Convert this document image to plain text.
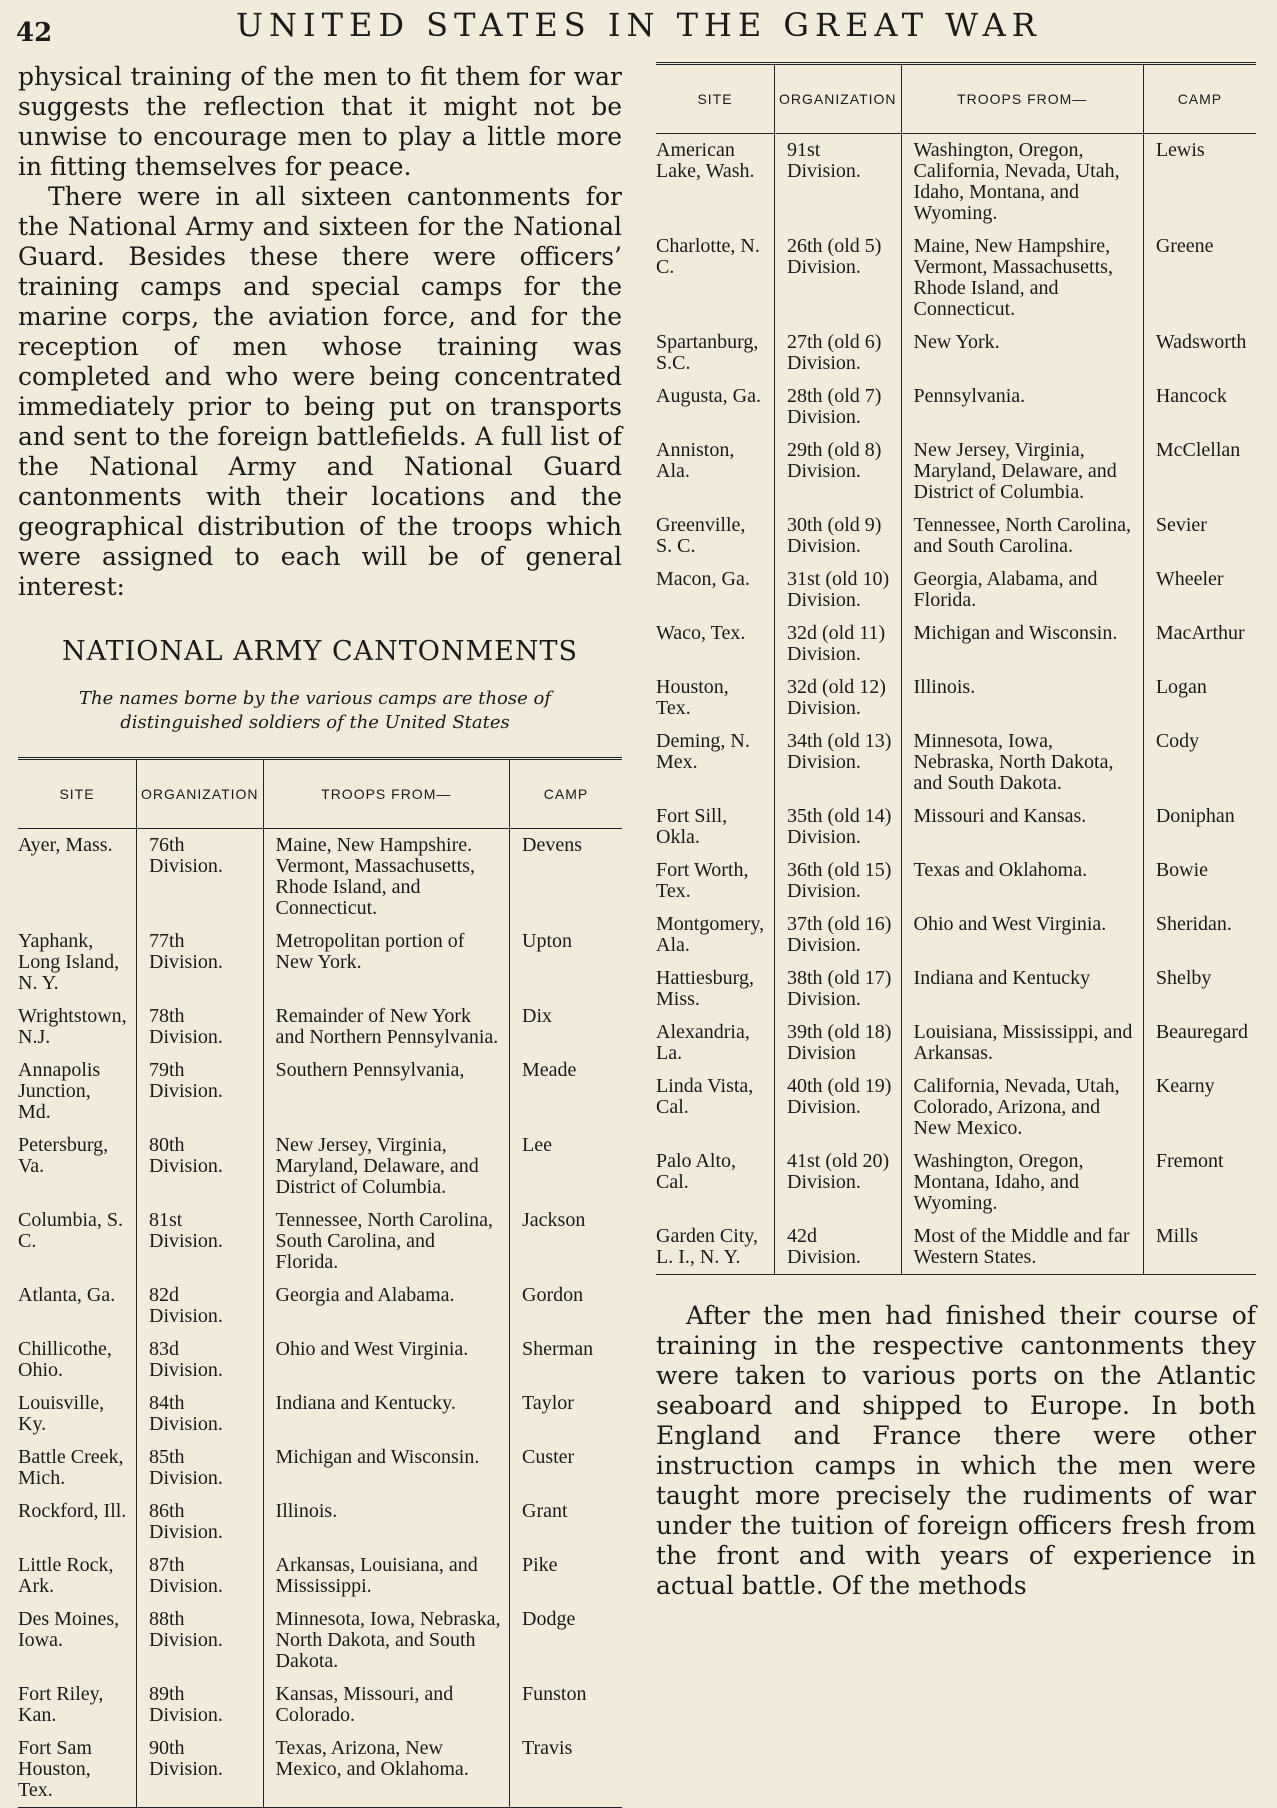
42	UNITED STATES IN THE GREAT WAR

physical training of the men to fit them for war suggests the reflection that it might not be unwise to encourage men to play a little more in fitting themselves for peace.

There were in all sixteen cantonments for the National Army and sixteen for the National Guard. Besides these there were officers’ training camps and special camps for the marine corps, the aviation force, and for the reception of men whose training was completed and who were being concentrated immediately prior to being put on transports and sent to the foreign battlefields. A full list of the National Army and National Guard cantonments with their locations and the geographical distribution of the troops which were assigned to each will be of general interest:

NATIONAL ARMY CANTONMENTS
The names borne by the various camps are those of distinguished soldiers of the United States
SITE	ORGANIZATION	TROOPS FROM—	CAMP
Ayer, Mass.	76th Division.	Maine, New Hampshire. Vermont, Massachusetts, Rhode Island, and Connecticut.	Devens
Yaphank, Long Island, N. Y.	77th Division.	Metropolitan portion of New York.	Upton
Wrightstown, N.J.	78th Division.	Remainder of New York and Northern Pennsylvania.	Dix
Annapolis Junction, Md.	79th Division.	Southern Pennsylvania,	Meade
Petersburg, Va.	80th Division.	New Jersey, Virginia, Maryland, Delaware, and District of Columbia.	Lee
Columbia, S. C.	81st Division.	Tennessee, North Carolina, South Carolina, and Florida.	Jackson
Atlanta, Ga.	82d Division.	Georgia and Alabama.	Gordon
Chillicothe, Ohio.	83d Division.	Ohio and West Virginia.	Sherman
Louisville, Ky.	84th Division.	Indiana and Kentucky.	Taylor
Battle Creek, Mich.	85th Division.	Michigan and Wisconsin.	Custer
Rockford, Ill.	86th Division.	Illinois.	Grant
Little Rock, Ark.	87th Division.	Arkansas, Louisiana, and Mississippi.	Pike
Des Moines, Iowa.	88th Division.	Minnesota, Iowa, Nebraska, North Dakota, and South Dakota.	Dodge
Fort Riley, Kan.	89th Division.	Kansas, Missouri, and Colorado.	Funston
Fort Sam Houston, Tex.	90th Division.	Texas, Arizona, New Mexico, and Oklahoma.	Travis
SITE	ORGANIZATION	TROOPS FROM—	CAMP
American Lake, Wash.	91st Division.	Washington, Oregon, California, Nevada, Utah, Idaho, Montana, and Wyoming.	Lewis
Charlotte, N. C.	26th (old 5) Division.	Maine, New Hampshire, Vermont, Massachusetts, Rhode Island, and Connecticut.	Greene
Spartanburg, S.C.	27th (old 6) Division.	New York.	Wadsworth
Augusta, Ga.	28th (old 7) Division.	Pennsylvania.	Hancock
Anniston, Ala.	29th (old 8) Division.	New Jersey, Virginia, Maryland, Delaware, and District of Columbia.	McClellan
Greenville, S. C.	30th (old 9) Division.	Tennessee, North Carolina, and South Carolina.	Sevier
Macon, Ga.	31st (old 10) Division.	Georgia, Alabama, and Florida.	Wheeler
Waco, Tex.	32d (old 11) Division.	Michigan and Wisconsin.	MacArthur
Houston, Tex.	32d (old 12) Division.	Illinois.	Logan
Deming, N. Mex.	34th (old 13) Division.	Minnesota, Iowa, Nebraska, North Dakota, and South Dakota.	Cody
Fort Sill, Okla.	35th (old 14) Division.	Missouri and Kansas.	Doniphan
Fort Worth, Tex.	36th (old 15) Division.	Texas and Oklahoma.	Bowie
Montgomery, Ala.	37th (old 16) Division.	Ohio and West Virginia.	Sheridan.
Hattiesburg, Miss.	38th (old 17) Division.	Indiana and Kentucky	Shelby
Alexandria, La.	39th (old 18) Division	Louisiana, Mississippi, and Arkansas.	Beauregard
Linda Vista, Cal.	40th (old 19) Division.	California, Nevada, Utah, Colorado, Arizona, and New Mexico.	Kearny
Palo Alto, Cal.	41st (old 20) Division.	Washington, Oregon, Montana, Idaho, and Wyoming.	Fremont
Garden City, L. I., N. Y.	42d Division.	Most of the Middle and far Western States.	Mills

After the men had finished their course of training in the respective cantonments they were taken to various ports on the Atlantic seaboard and shipped to Europe. In both England and France there were other instruction camps in which the men were taught more precisely the rudiments of war under the tuition of foreign officers fresh from the front and with years of experience in actual battle. Of the methods
